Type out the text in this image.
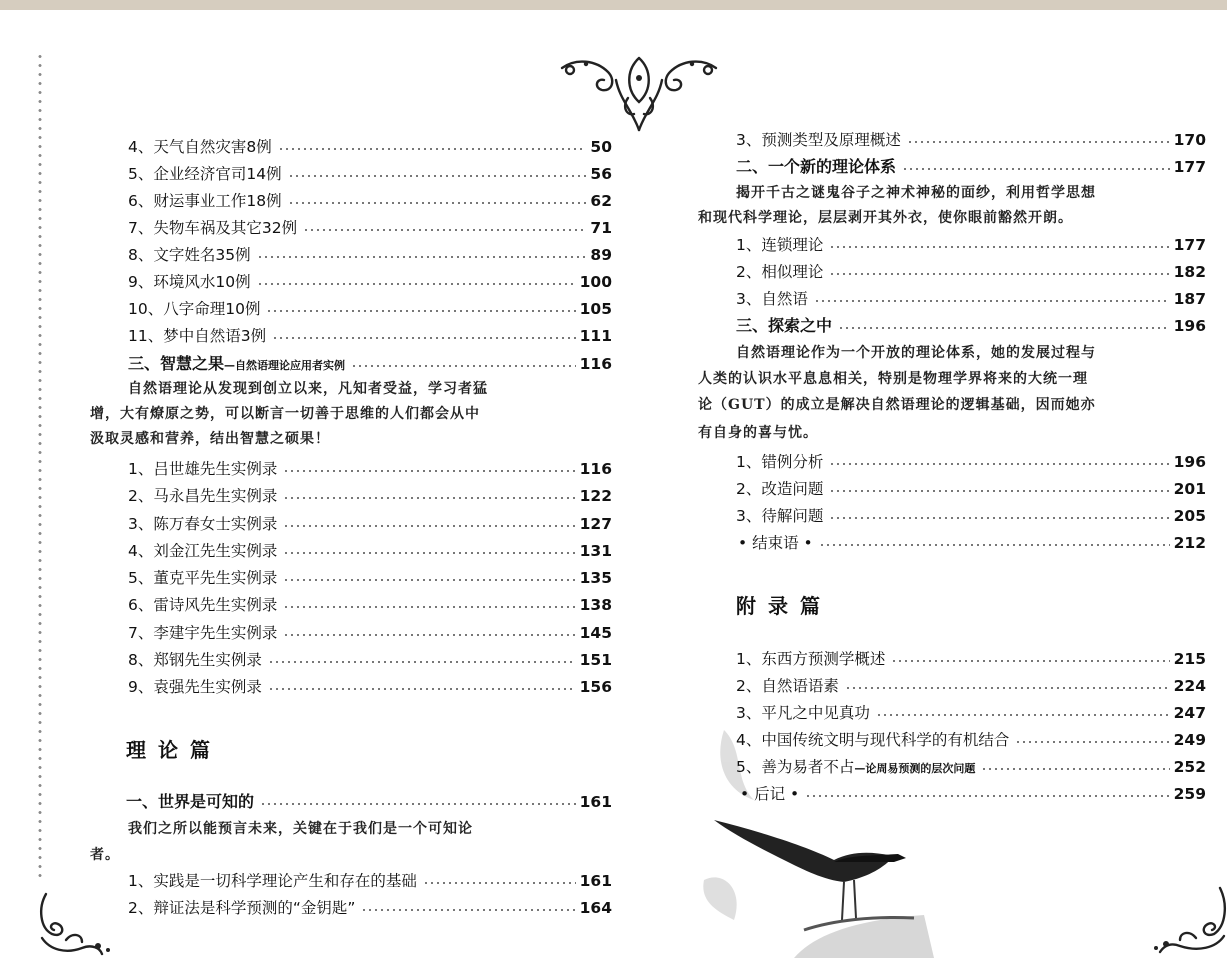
4、天气自然灾害8例	50
5、企业经济官司14例	56
6、财运事业工作18例	62
7、失物车祸及其它32例	71
8、文字姓名35例	89
9、环境风水10例	100
10、八字命理10例	105
11、梦中自然语3例	111
三、智慧之果—自然语理论应用者实例	116
自然语理论从发现到创立以来，凡知者受益，学习者猛
增，大有燎原之势，可以断言一切善于思维的人们都会从中
汲取灵感和营养，结出智慧之硕果！
1、吕世雄先生实例录	116
2、马永昌先生实例录	122
3、陈万春女士实例录	127
4、刘金江先生实例录	131
5、董克平先生实例录	135
6、雷诗风先生实例录	138
7、李建宇先生实例录	145
8、郑钢先生实例录	151
9、袁强先生实例录	156
理论篇
一、世界是可知的	161
我们之所以能预言未来，关键在于我们是一个可知论
者。
1、实践是一切科学理论产生和存在的基础	161
2、辩证法是科学预测的“金钥匙”	164
3、预测类型及原理概述	170
二、一个新的理论体系	177
揭开千古之谜鬼谷子之神术神秘的面纱，利用哲学思想
和现代科学理论，层层剥开其外衣，使你眼前豁然开朗。
1、连锁理论	177
2、相似理论	182
3、自然语	187
三、探索之中	196
自然语理论作为一个开放的理论体系，她的发展过程与
人类的认识水平息息相关，特别是物理学界将来的大统一理
论（GUT）的成立是解决自然语理论的逻辑基础，因而她亦
有自身的喜与忧。
1、错例分析	196
2、改造问题	201
3、待解问题	205
• 结束语 •	212
附录篇
1、东西方预测学概述	215
2、自然语语素	224
3、平凡之中见真功	247
4、中国传统文明与现代科学的有机结合	249
5、善为易者不占—论周易预测的层次问题	252
• 后记 •	259
